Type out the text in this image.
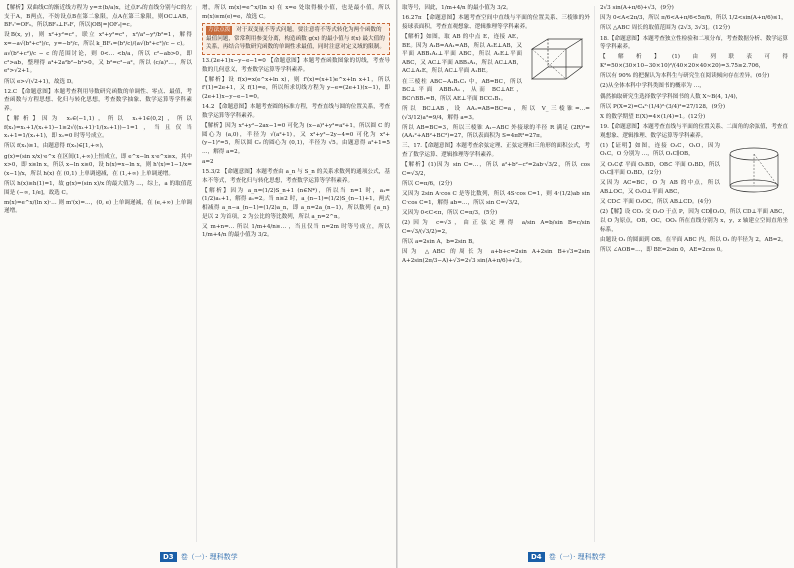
【解析】双曲线C的渐近线方程为 y=±(b/a)x，过点F₂的直线分别与C的左支于A，B两点，不妨设点B在第二象限，点A在第三象限，则OC⊥AB，BF₁'=OF₁，所以BF₁⊥F₂F，所以|OB|=|OF₂|=c。

设B(x, y)，则 x²+y²=c²，联立 x²+y²=c²，x²/a²−y²/b²=1，解得 x=−a√(b²+c²)/c，y=−b²/c，所以 k_BF₁=(b²/c)/(a√(b²+c²)/c − c)。

a√(b²+c²)/c − c 的范围讨论，则 0<… <b/a，所以 c²−ab>0，即 c²>ab，整理得 a⁴+2a²b²−b⁴>0，又 b²=c²−a²，所以 (c/a)²…，所以 e²>√2+1。

所以 e>√(√2+1)，故选 D。

12.C 【命题意图】本题考查利用导数研究函数的单调性、零点、最值，考查函数与方程思想、化归与转化思想，考查数学抽象、数学运算等学科素养。

【解析】因为 x₁∈(−1,1)，所以 x₁+1∈(0,2]，所以 f(x₁)=x₁+1/(x₁+1)−1≥2√((x₁+1)·1/(x₁+1))−1=1，当且仅当 x₁+1=1/(x₁+1)，即 x₁=0 时等号成立。

所以 f(x₁)≥1，由题意得 f(x₂)∈[1,+∞)，

g(x)=(sin x/x)·e^x 在区间(1,+∞)上恒成立，即 e^x−ln x·e^x≥x，其中 x>0，即 x≥ln x，所以 x−ln x≥0，设 h(x)=x−ln x，则 h'(x)=1−1/x=(x−1)/x，所以 h(x) 在 (0,1) 上单调递减，在 (1,+∞) 上单调递增。

所以 h(x)≥h(1)=1，故 g(x)=(sin x)/x 的最大值为 …，综上，a 的取值范围是 (−∞, 1/e]，故选 C。

m(x)=e^x/(ln x)·… 则 m'(x)=…，(0, e) 上单调递减，在 (e,+∞) 上单调递增。

增，所以 m(x)=e^x/(ln x) 在 x=e 处取得极小值，也是最小值，所以 m(x)≥m(e)=e，故选 C。

方法点拨 对于双变量不等式问题，要注意将不等式转化为两个函数的最值问题，常常利用参变分离，构造函数 g(x) 的最小值与 f(x) 最大值的关系，再结合导数研究函数的单调性求最值，同时注意对定义域的限制。

13.(2e+1)x−y−e−1=0 【命题意图】本题考查函数图象的切线，考查导数的几何意义，考查数学运算等学科素养。

【解析】设 f(x)=x(e^x+ln x)，则 f'(x)=(x+1)e^x+ln x+1，所以 f'(1)=2e+1，又 f(1)=e，所以所求切线方程为 y−e=(2e+1)(x−1)，即 (2e+1)x−y−e−1=0。

14.2 【命题意图】本题考查圆的标准方程，考查直线与圆的位置关系，考查数学运算等学科素养。

【解析】因为 x²+y²−2ax−1=0 可化为 (x−a)²+y²=a²+1，所以圆 C 的圆心为 (a,0)，半径为 √(a²+1)，又 x²+y²−2y−4=0 可化为 x²+(y−1)²=5，所以圆 C₂ 的圆心为 (0,1)，半径为 √5。由题意得 a²+1=5 …，解得 a=2。

a=2

15.3/2 【命题意图】本题考查由 a_n 与 S_n 的关系求数列的通项公式，基本不等式，考查化归与转化思想，考查数学运算等学科素养。

【解析】因为 a_n=(1/2)S_n+1 (n∈N*)，所以当 n=1 时，a₁=(1/2)a₁+1，解得 a₁=2。当 n≥2 时，a_(n−1)=(1/2)S_(n−1)+1，两式相减得 a_n−a_(n−1)=(1/2)a_n，即 a_n=2a_(n−1)，所以数列 {a_n} 是以 2 为首项，2 为公比的等比数列，所以 a_n=2^n。

又 m+n=… 所以 1/m+4/n≥… ，当且仅当 n=2m 时等号成立，所以 1/m+4/n 的最小值为 3/2。

D3	卷（一）· 理科数学

取等号，因此，1/m+4/n 的最小值为 3/2。

16.27π 【命题意图】本题考查空间中直线与平面的位置关系、三棱锥的外接球表面积，考查直观想象、逻辑推理等学科素养。

【解析】如图，取 AB 的中点 E，连接 AE，BE。因为 A₁B=AA₁=AB，所以 A₁E⊥AB，又平面 ABB₁A₁⊥平面 ABC，所以 A₁E⊥平面 ABC，又 AC⊥平面 ABB₁A₁，所以 AC⊥AB，AC⊥A₁E，所以 AC⊥平面 A₁BE。

在三棱柱 ABC−A₁B₁C₁ 中，AB=BC，所以 BC⊥平面 ABB₁A₁，从而 BC⊥AE，BC∩BB₁=B，所以 AE⊥平面 BCC₁B₁。

所以 BC⊥AB，设 AA₁=AB=BC=a，所以 V_三棱锥=…=(√3/12)a³=9/4，解得 a=3。

所以 AB=BC=3，所以三棱锥 A₁−ABC 外接球的半径 R 满足 (2R)²=(AA₁²+AB²+BC²)=27，所以表面积为 S=4πR²=27π。

三、17.【命题意图】本题考查余弦定理、正弦定理和三角形的面积公式，考查了数学运算、逻辑推理等学科素养。

【解析】(1)因为 sin C=…，所以 a²+b²−c²=2ab·√3/2，所以 cos C=√3/2，

所以 C=π/6，(2分)

又因为 2sin A·cos C 是等比数列，所以 4S·cos C=1，则 4·(1/2)ab sin C·cos C=1，解得 ab=…，所以 sin C=√3/2，

又因为 0<C<π，所以 C=π/3，(5分)

(2)因为 c=√3，由正弦定理得 a/sin A=b/sin B=c/sin C=√3/(√3/2)=2，

所以 a=2sin A，b=2sin B。

因为 △ABC 的周长为 a+b+c=2sin A+2sin B+√3=2sin A+2sin(2π/3−A)+√3=2√3 sin(A+π/6)+√3。

2√3 sin(A+π/6)+√3，(9分)

因为 0<A<2π/3，所以 π/6<A+π/6<5π/6，所以 1/2<sin(A+π/6)≤1，

所以 △ABC 周长的取值范围为 (2√3, 3√3]。(12分)

18.【命题意图】本题考查独立性检验和二项分布，考查数据分析、数学运算等学科素养。

【解析】(1)由列联表可得 K²=50×(30×10−30×10)²/(40×20×40×20)=3.75≥2.706，

所以有 90% 的把握认为本科生与研究生在阅读倾向存在差异。(6分)

(2)从全体本科中学科类图书的概率为 …，

偶然抽取研究生选择数学学科图书的人数 X~B(4, 1/4)，

所以 P(X=2)=C₄²·(1/4)²·(3/4)²=27/128，(9分)

X 的数学期望 E(X)=4×(1/4)=1。(12分)

19.【命题意图】本题考查直线与平面的位置关系、二面角的余弦值，考查直观想象、逻辑推理、数学运算等学科素养。

(1)【证明】如图，连接 O₁C，O₁O，因为 O₁C，O 分别为 …，所以 O₁C∥OB，

又 O₁C⊄ 平面 O₁BD，OB⊂ 平面 O₁BD，所以 O₁C∥平面 O₁BD，(2分)

又因为 AC=BC，O 为 AB 的中点，所以 AB⊥OC，又 O₁O⊥平面 ABC，

又 CD⊂ 平面 O₁OC，所以 AB⊥CD。(4分)

(2)【解】设 CO₁ 交 O₁O 于点 P，因为 CD∥O₁O，所以 CD⊥平面 ABC，以 O 为原点，OB，OC，OO₁ 所在直线分别为 x，y，z 轴建立空间直角坐标系，

由题设 O₁ 的圆面到 OB，在平面 ABC 内，所以 O₁ 的半径为 2，AB=2。

所以 ∠AOB=…，即 BE=2sin 0，AE=2cos 0。

D4	卷（一）· 理科数学
